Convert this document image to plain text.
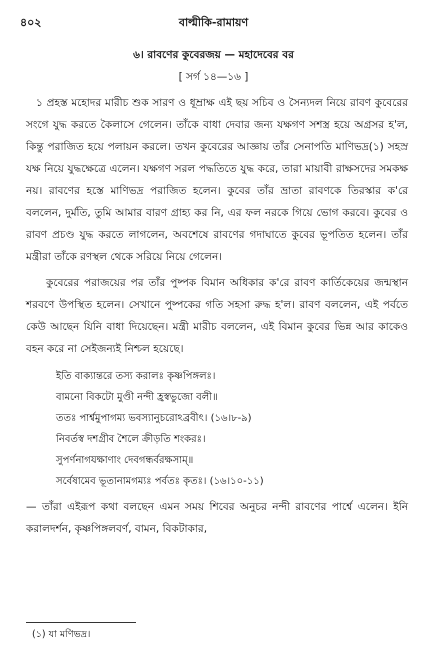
৪০২	বাল্মীকি-রামায়ণ
৬। রাবণের কুবেরজয় — মহাদেবের বর
[ সর্গ ১৪—১৬ ]

১ প্রহস্ত মহোদর মারীচ শুক সারণ ও ধূম্রাক্ষ এই ছয় সচিব ও সৈন্যদল নিয়ে রাবণ কুবেরের সংগে যুদ্ধ করতে কৈলাসে গেলেন। তাঁকে বাধা দেবার জন্য যক্ষগণ সশস্ত্র হয়ে অগ্রসর হ'ল, কিন্তু পরাজিত হয়ে পলায়ন করলে। তখন কুবেরের আজ্ঞায় তাঁর সেনাপতি মাণিভদ্র(১) সহস্র যক্ষ নিয়ে যুদ্ধক্ষেত্রে এলেন। যক্ষগণ সরল পদ্ধতিতে যুদ্ধ করে, তারা মায়াবী রাক্ষসদের সমকক্ষ নয়। রাবণের হস্তে মাণিভদ্র পরাজিত হলেন। কুবের তাঁর ভ্রাতা রাবণকে তিরস্কার ক'রে বললেন, দুর্মতি, তুমি আমার বারণ গ্রাহ্য কর নি, এর ফল নরকে গিয়ে ভোগ করবে। কুবের ও রাবণ প্রচণ্ড যুদ্ধ করতে লাগলেন, অবশেষে রাবণের গদাঘাতে কুবের ভূপতিত হলেন। তাঁর মন্ত্রীরা তাঁকে রণস্থল থেকে সরিয়ে নিয়ে গেলেন।

কুবেরের পরাজয়ের পর তাঁর পুষ্পক বিমান অধিকার ক'রে রাবণ কার্তিকেয়ের জন্মস্থান শরবণে উপস্থিত হলেন। সেখানে পুষ্পকের গতি সহসা রুদ্ধ হ'ল। রাবণ বললেন, এই পর্বতে কেউ আছেন যিনি বাধা দিয়েছেন। মন্ত্রী মারীচ বললেন, এই বিমান কুবের ভিন্ন আর কাকেও বহন করে না সেইজন্যই নিশ্চল হয়েছে।

ইতি বাক্যান্তরে তস্য করালঃ কৃষ্ণপিঙ্গলঃ।
বামনো বিকটো মুণ্ডী নন্দী হ্রস্বভুজো বলী॥
ততঃ পার্শ্বমুপাগম্য ভবস্যানুচরোঽব্রবীৎ। (১৬।৮-৯)
নিবর্তস্ব দশগ্রীব শৈলে ক্রীড়তি শংকরঃ।
সুপর্ণনাগযক্ষাণাং দেবগন্ধর্বরক্ষসাম্॥
সর্বেষামেব ভূতানামগম্যঃ পর্বতঃ কৃতঃ। (১৬।১০-১১)

— তাঁরা এইরূপ কথা বলছেন এমন সময় শিবের অনুচর নন্দী রাবণের পার্শ্বে এলেন। ইনি করালদর্শন, কৃষ্ণপিঙ্গলবর্ণ, বামন, বিকটাকার,

(১) যা মণিভদ্র।
